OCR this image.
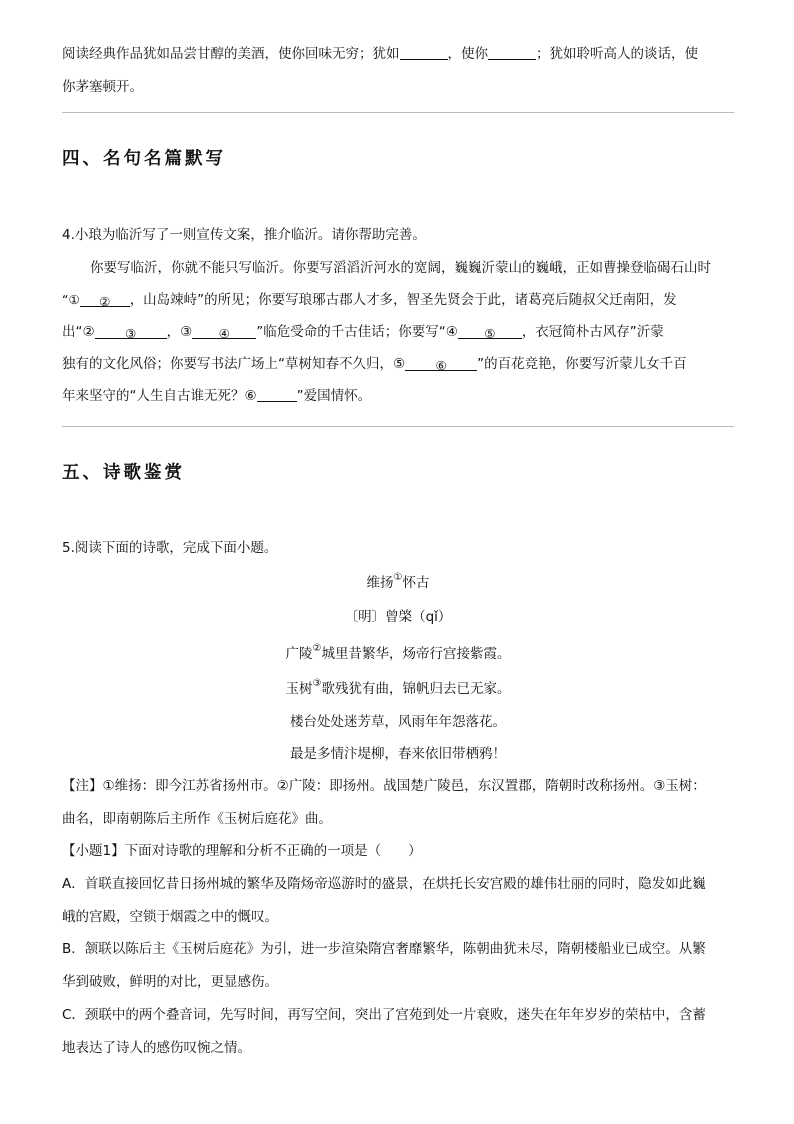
阅读经典作品犹如品尝甘醇的美酒，使你回味无穷；犹如	，使你	；犹如聆听高人的谈话，使
你茅塞顿开。
四、名句名篇默写
4.小琅为临沂写了一则宣传文案，推介临沂。请你帮助完善。
你要写临沂，你就不能只写临沂。你要写滔滔沂河水的宽阔，巍巍沂蒙山的巍峨，正如曹操登临碣石山时
“① ② ，山岛竦峙”的所见；你要写琅琊古郡人才多，智圣先贤会于此，诸葛亮后随叔父迁南阳，发
出“② ③ ，③ ④ ”临危受命的千古佳话；你要写“④ ⑤ ，衣冠简朴古风存”沂蒙
独有的文化风俗；你要写书法广场上“草树知春不久归，⑤ ⑥ ”的百花竞艳，你要写沂蒙儿女千百
年来坚守的“人生自古谁无死？⑥	”爱国情怀。
五、诗歌鉴赏
5.阅读下面的诗歌，完成下面小题。
维扬①怀古
〔明〕曾棨（qǐ）
广陵②城里昔繁华，炀帝行宫接紫霞。
玉树③歌残犹有曲，锦帆归去已无家。
楼台处处迷芳草，风雨年年怨落花。
最是多情汴堤柳，春来依旧带栖鸦！
【注】①维扬：即今江苏省扬州市。②广陵：即扬州。战国楚广陵邑，东汉置郡，隋朝时改称扬州。③玉树：
曲名，即南朝陈后主所作《玉树后庭花》曲。
【小题1】下面对诗歌的理解和分析不正确的一项是（　　）
A．首联直接回忆昔日扬州城的繁华及隋炀帝巡游时的盛景，在烘托长安宫殿的雄伟壮丽的同时，隐发如此巍
峨的宫殿，空锁于烟霞之中的慨叹。
B．颔联以陈后主《玉树后庭花》为引，进一步渲染隋宫奢靡繁华，陈朝曲犹未尽，隋朝楼船业已成空。从繁
华到破败，鲜明的对比，更显感伤。
C．颈联中的两个叠音词，先写时间，再写空间，突出了宫苑到处一片衰败，迷失在年年岁岁的荣枯中，含蓄
地表达了诗人的感伤叹惋之情。
